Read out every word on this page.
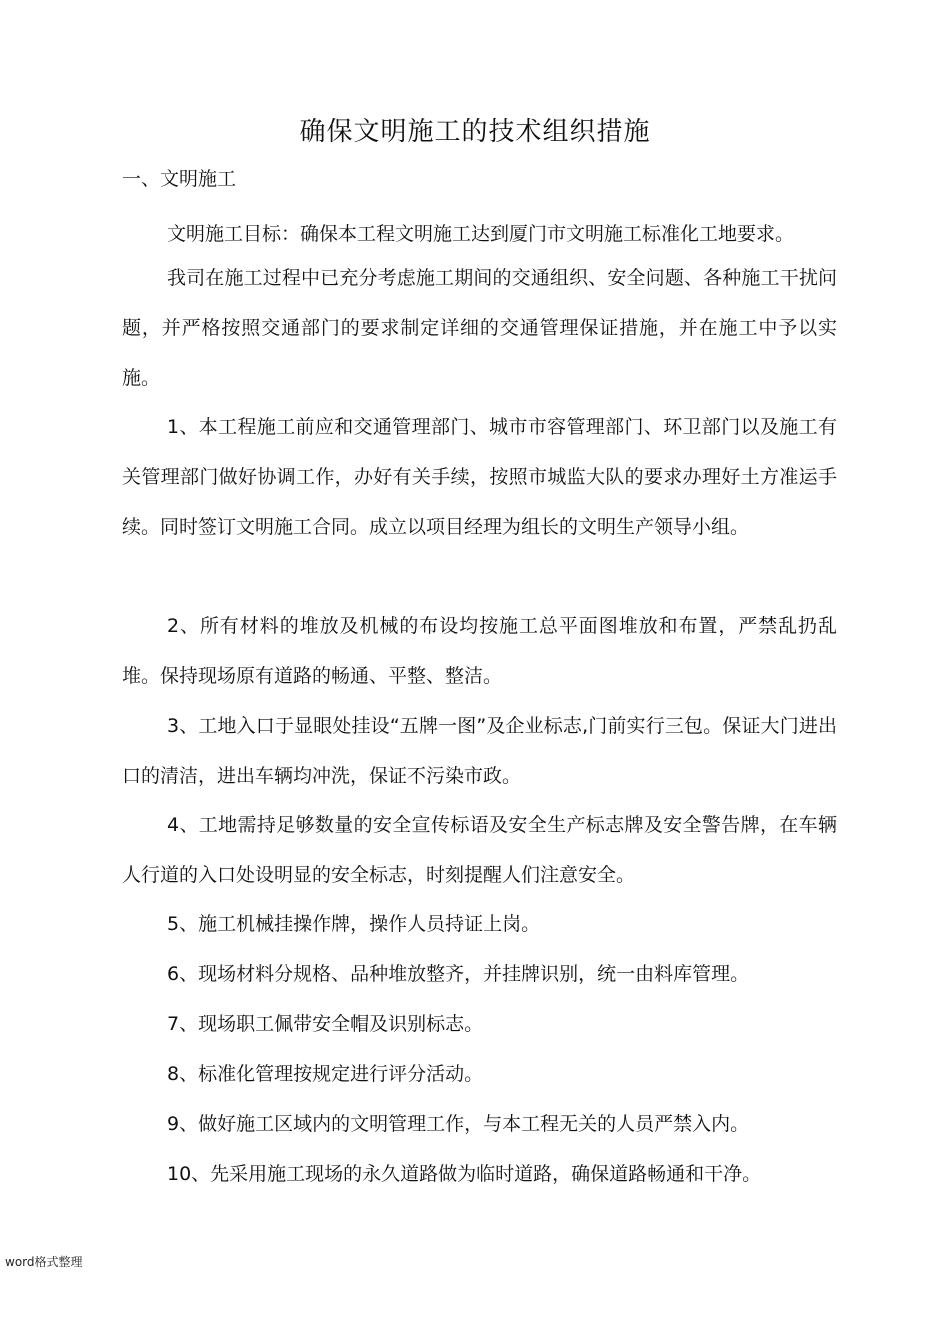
确保文明施工的技术组织措施
一、文明施工
文明施工目标：确保本工程文明施工达到厦门市文明施工标准化工地要求。
我司在施工过程中已充分考虑施工期间的交通组织、安全问题、各种施工干扰问题，并严格按照交通部门的要求制定详细的交通管理保证措施，并在施工中予以实施。
1、本工程施工前应和交通管理部门、城市市容管理部门、环卫部门以及施工有关管理部门做好协调工作，办好有关手续，按照市城监大队的要求办理好土方准运手续。同时签订文明施工合同。成立以项目经理为组长的文明生产领导小组。
2、所有材料的堆放及机械的布设均按施工总平面图堆放和布置，严禁乱扔乱堆。保持现场原有道路的畅通、平整、整洁。
3、工地入口于显眼处挂设“五牌一图”及企业标志,门前实行三包。保证大门进出口的清洁，进出车辆均冲洗，保证不污染市政。
4、工地需持足够数量的安全宣传标语及安全生产标志牌及安全警告牌，在车辆人行道的入口处设明显的安全标志，时刻提醒人们注意安全。
5、施工机械挂操作牌，操作人员持证上岗。
6、现场材料分规格、品种堆放整齐，并挂牌识别，统一由料库管理。
7、现场职工佩带安全帽及识别标志。
8、标准化管理按规定进行评分活动。
9、做好施工区域内的文明管理工作，与本工程无关的人员严禁入内。
10、先采用施工现场的永久道路做为临时道路，确保道路畅通和干净。
word格式整理
